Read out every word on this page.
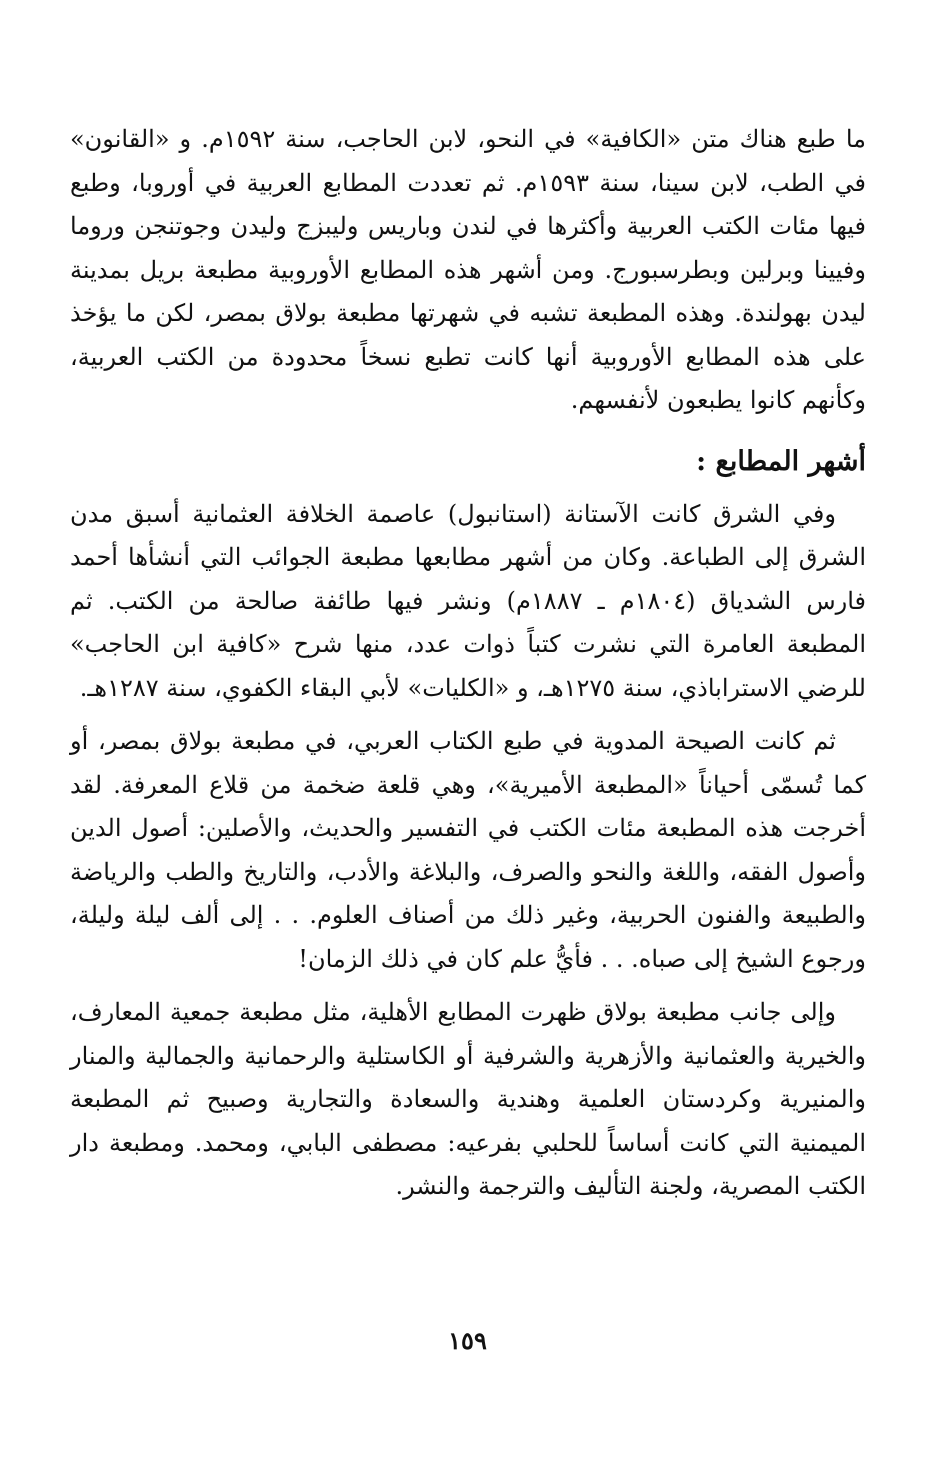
ما طبع هناك متن «الكافية» في النحو، لابن الحاجب، سنة ١٥٩٢م. و «القانون» في الطب، لابن سينا، سنة ١٥٩٣م. ثم تعددت المطابع العربية في أوروبا، وطبع فيها مئات الكتب العربية وأكثرها في لندن وباريس وليبزج وليدن وجوتنجن وروما وفيينا وبرلين وبطرسبورج. ومن أشهر هذه المطابع الأوروبية مطبعة بريل بمدينة ليدن بهولندة. وهذه المطبعة تشبه في شهرتها مطبعة بولاق بمصر، لكن ما يؤخذ على هذه المطابع الأوروبية أنها كانت تطبع نسخاً محدودة من الكتب العربية، وكأنهم كانوا يطبعون لأنفسهم.

أشهر المطابع :

وفي الشرق كانت الآستانة (استانبول) عاصمة الخلافة العثمانية أسبق مدن الشرق إلى الطباعة. وكان من أشهر مطابعها مطبعة الجوائب التي أنشأها أحمد فارس الشدياق (١٨٠٤م ـ ١٨٨٧م) ونشر فيها طائفة صالحة من الكتب. ثم المطبعة العامرة التي نشرت كتباً ذوات عدد، منها شرح «كافية ابن الحاجب» للرضي الاستراباذي، سنة ١٢٧٥هـ، و «الكليات» لأبي البقاء الكفوي، سنة ١٢٨٧هـ.

ثم كانت الصيحة المدوية في طبع الكتاب العربي، في مطبعة بولاق بمصر، أو كما تُسمّى أحياناً «المطبعة الأميرية»، وهي قلعة ضخمة من قلاع المعرفة. لقد أخرجت هذه المطبعة مئات الكتب في التفسير والحديث، والأصلين: أصول الدين وأصول الفقه، واللغة والنحو والصرف، والبلاغة والأدب، والتاريخ والطب والرياضة والطبيعة والفنون الحربية، وغير ذلك من أصناف العلوم. . . إلى ألف ليلة وليلة، ورجوع الشيخ إلى صباه. . . فأيُّ علم كان في ذلك الزمان!

وإلى جانب مطبعة بولاق ظهرت المطابع الأهلية، مثل مطبعة جمعية المعارف، والخيرية والعثمانية والأزهرية والشرفية أو الكاستلية والرحمانية والجمالية والمنار والمنيرية وكردستان العلمية وهندية والسعادة والتجارية وصبيح ثم المطبعة الميمنية التي كانت أساساً للحلبي بفرعيه: مصطفى البابي، ومحمد. ومطبعة دار الكتب المصرية، ولجنة التأليف والترجمة والنشر.

١٥٩
